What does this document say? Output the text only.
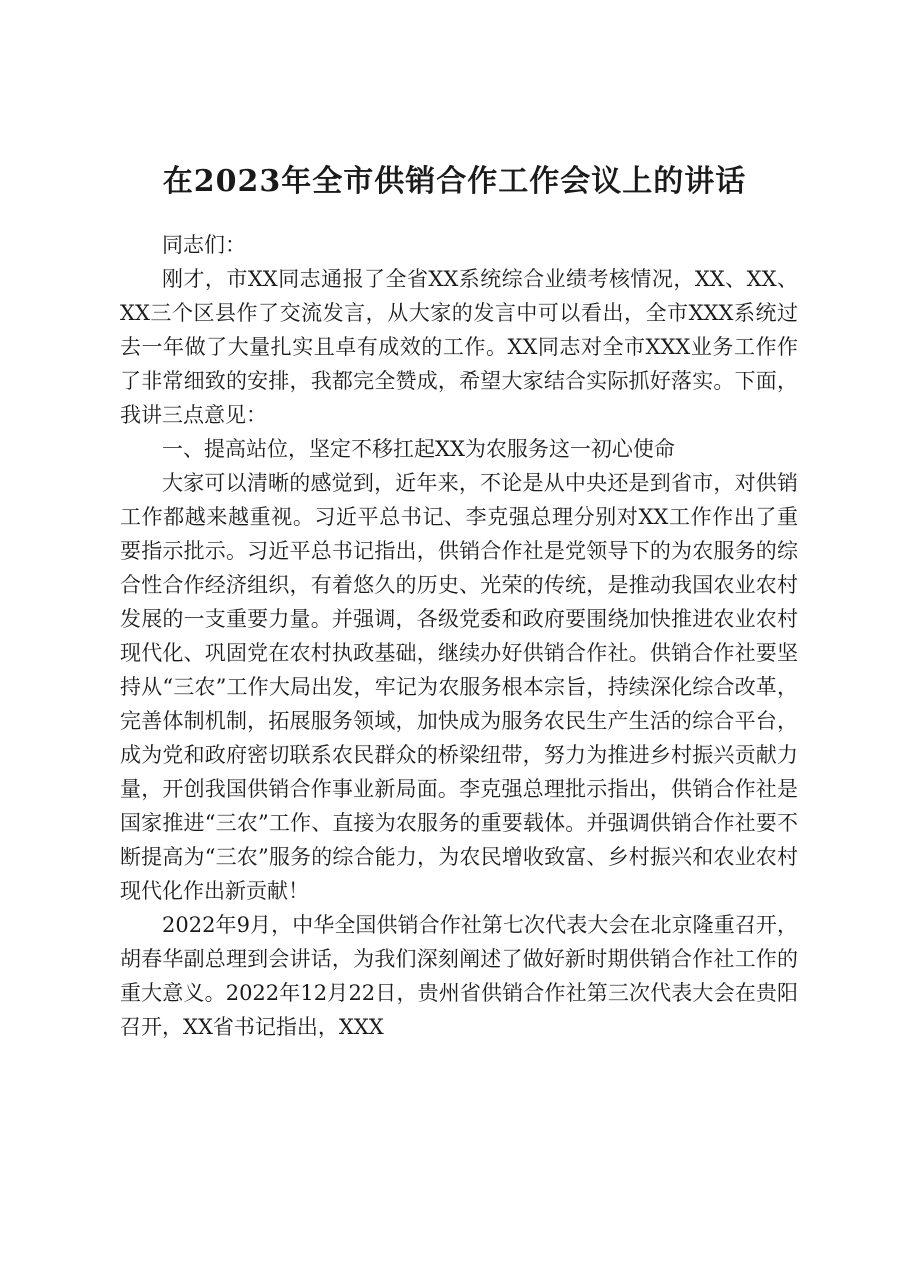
在2023年全市供销合作工作会议上的讲话

同志们：

刚才，市XX同志通报了全省XX系统综合业绩考核情况，XX、XX、XX三个区县作了交流发言，从大家的发言中可以看出，全市XXX系统过去一年做了大量扎实且卓有成效的工作。XX同志对全市XXX业务工作作了非常细致的安排，我都完全赞成，希望大家结合实际抓好落实。下面，我讲三点意见：

一、提高站位，坚定不移扛起XX为农服务这一初心使命

大家可以清晰的感觉到，近年来，不论是从中央还是到省市，对供销工作都越来越重视。习近平总书记、李克强总理分别对XX工作作出了重要指示批示。习近平总书记指出，供销合作社是党领导下的为农服务的综合性合作经济组织，有着悠久的历史、光荣的传统，是推动我国农业农村发展的一支重要力量。并强调，各级党委和政府要围绕加快推进农业农村现代化、巩固党在农村执政基础，继续办好供销合作社。供销合作社要坚持从“三农”工作大局出发，牢记为农服务根本宗旨，持续深化综合改革，完善体制机制，拓展服务领域，加快成为服务农民生产生活的综合平台，成为党和政府密切联系农民群众的桥梁纽带，努力为推进乡村振兴贡献力量，开创我国供销合作事业新局面。李克强总理批示指出，供销合作社是国家推进“三农”工作、直接为农服务的重要载体。并强调供销合作社要不断提高为“三农”服务的综合能力，为农民增收致富、乡村振兴和农业农村现代化作出新贡献！

2022年9月，中华全国供销合作社第七次代表大会在北京隆重召开，胡春华副总理到会讲话，为我们深刻阐述了做好新时期供销合作社工作的重大意义。2022年12月22日，贵州省供销合作社第三次代表大会在贵阳召开，XX省书记指出，XXX
